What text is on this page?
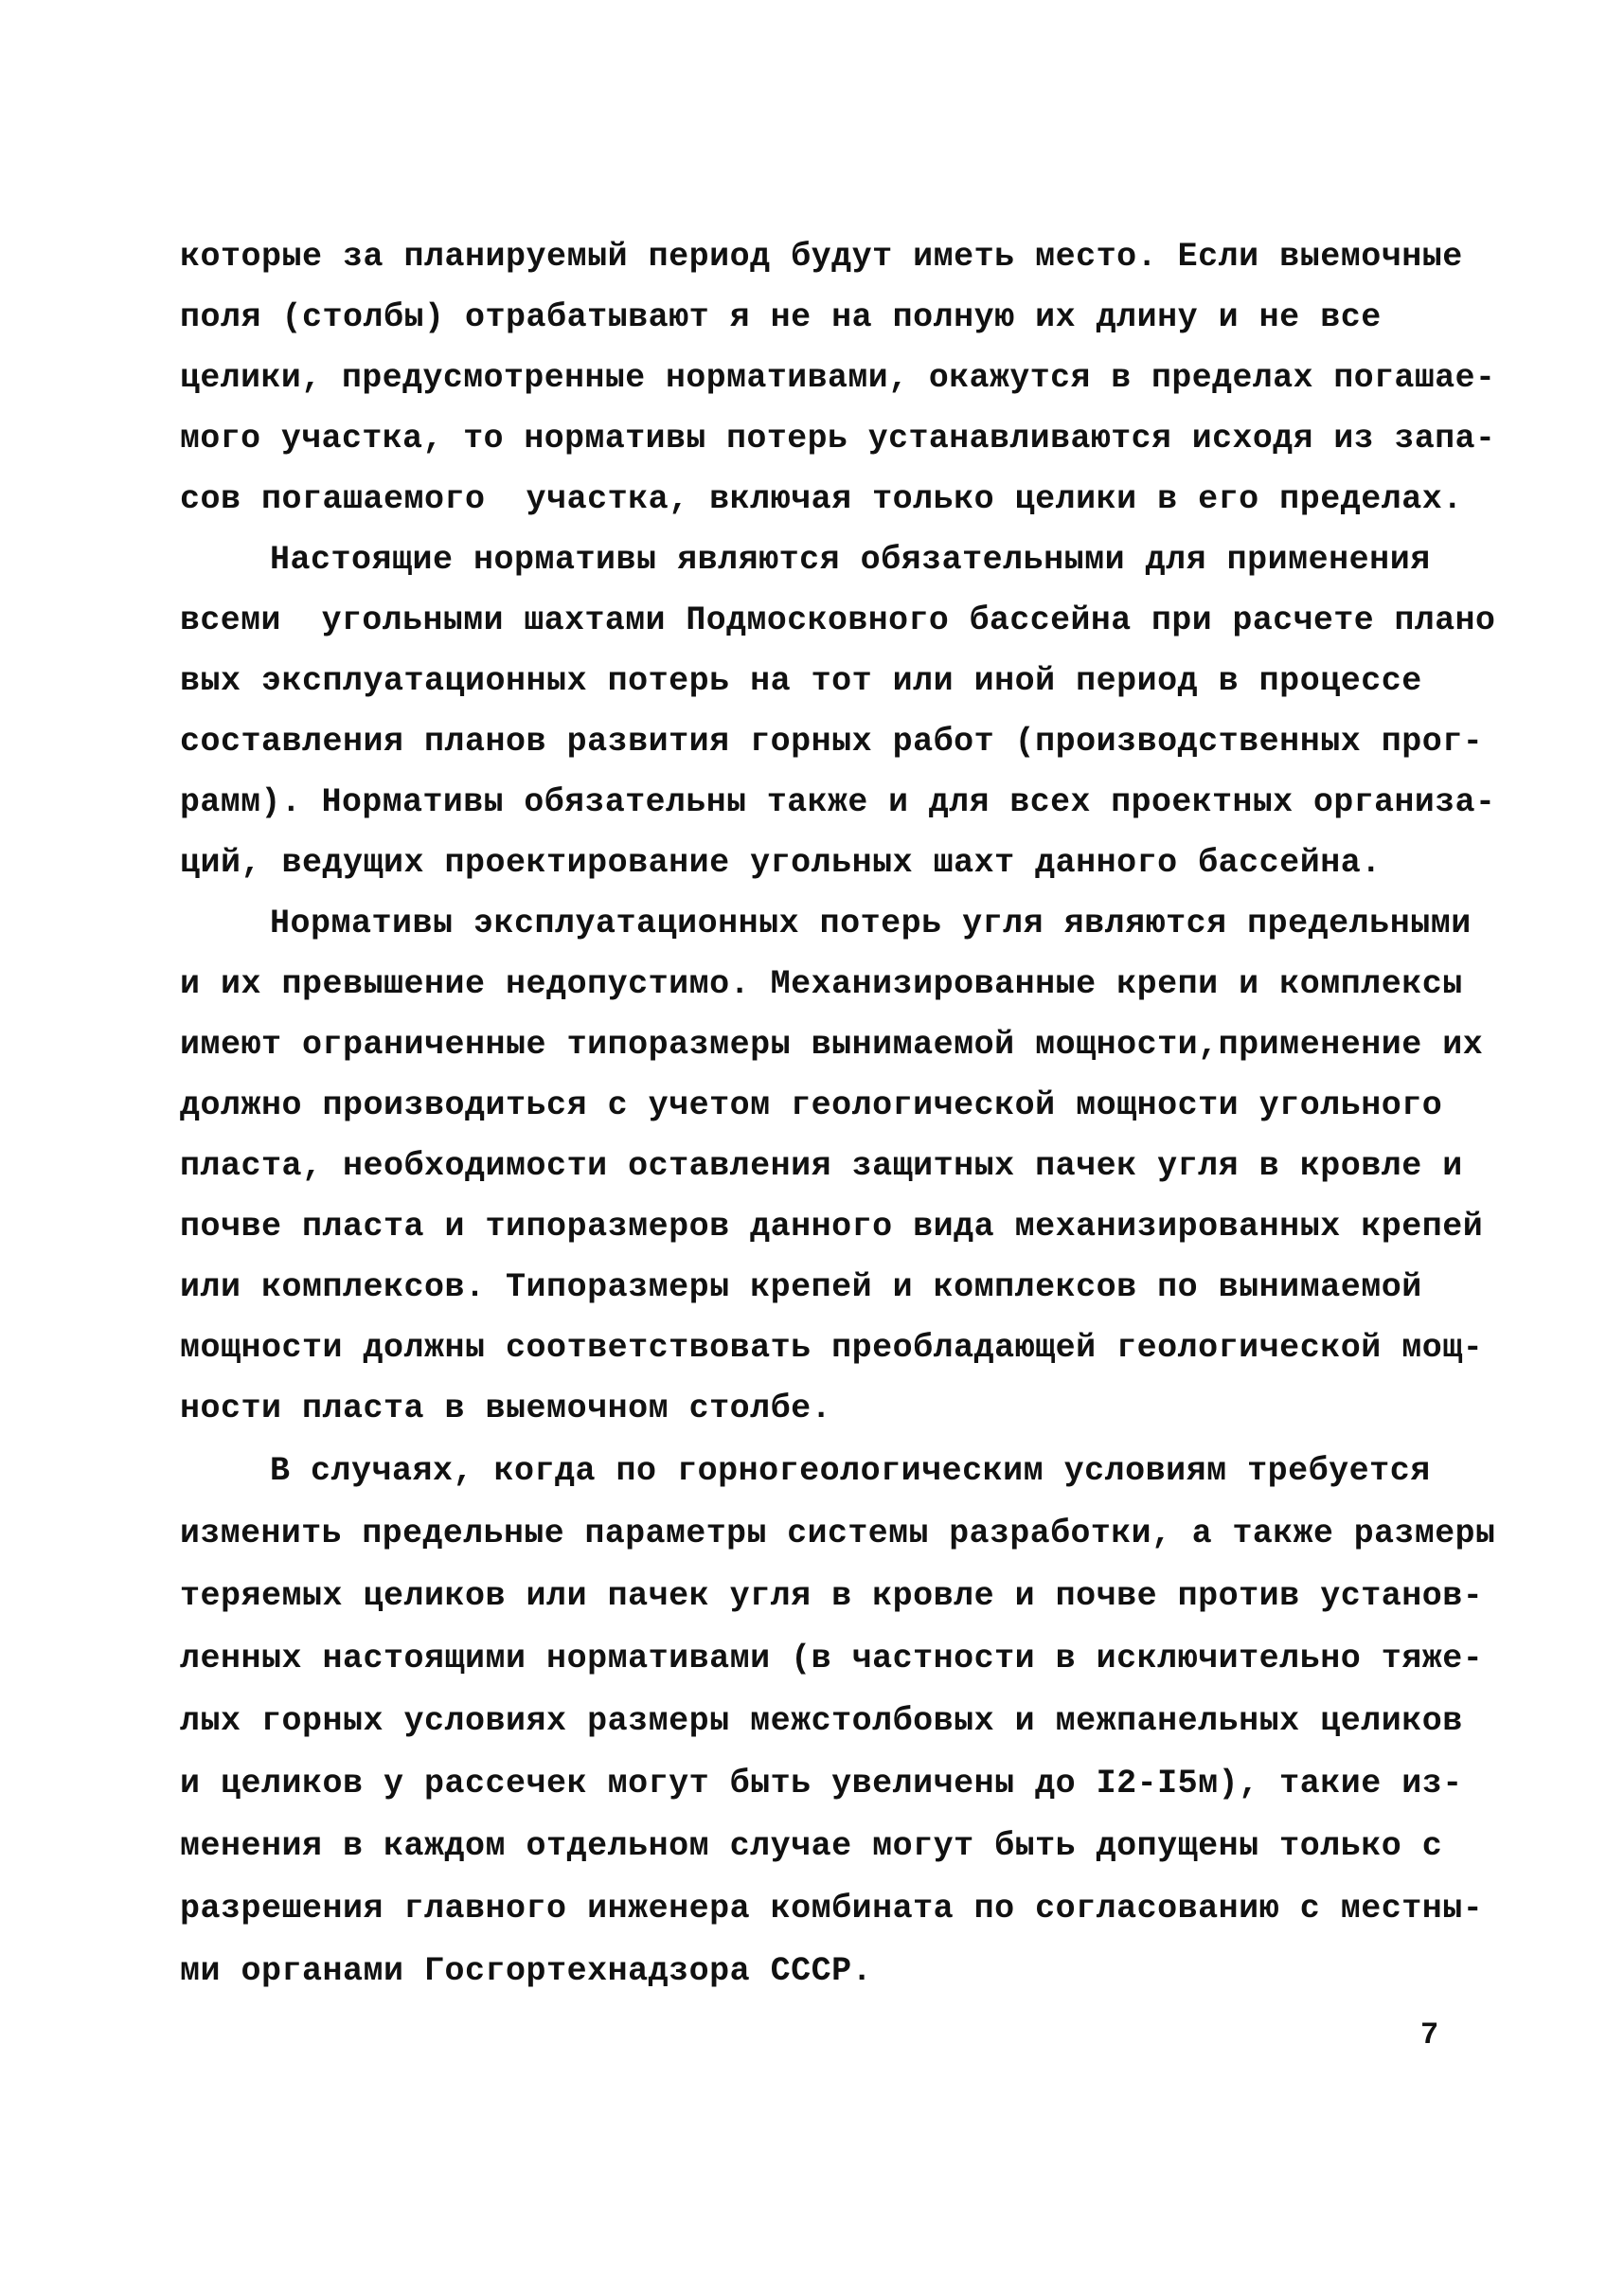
которые за планируемый период будут иметь место. Если выемочные
поля (столбы) отрабатывают я не на полную их длину и не все
целики, предусмотренные нормативами, окажутся в пределах погашае-
мого участка, то нормативы потерь устанавливаются исходя из запа-
сов погашаемого  участка, включая только целики в его пределах.
Настоящие нормативы являются обязательными для применения
всеми  угольными шахтами Подмосковного бассейна при расчете плано
вых эксплуатационных потерь на тот или иной период в процессе
составления планов развития горных работ (производственных прог-
рамм). Нормативы обязательны также и для всех проектных организа-
ций, ведущих проектирование угольных шахт данного бассейна.
Нормативы эксплуатационных потерь угля являются предельными
и их превышение недопустимо. Механизированные крепи и комплексы
имеют ограниченные типоразмеры вынимаемой мощности,применение их
должно производиться с учетом геологической мощности угольного
пласта, необходимости оставления защитных пачек угля в кровле и
почве пласта и типоразмеров данного вида механизированных крепей
или комплексов. Типоразмеры крепей и комплексов по вынимаемой
мощности должны соответствовать преобладающей геологической мощ-
ности пласта в выемочном столбе.
В случаях, когда по горногеологическим условиям требуется
изменить предельные параметры системы разработки, а также размеры
теряемых целиков или пачек угля в кровле и почве против установ-
ленных настоящими нормативами (в частности в исключительно тяже-
лых горных условиях размеры межстолбовых и межпанельных целиков
и целиков у рассечек могут быть увеличены до I2-I5м), такие из-
менения в каждом отдельном случае могут быть допущены только с
разрешения главного инженера комбината по согласованию с местны-
ми органами Госгортехнадзора СССР.
7
